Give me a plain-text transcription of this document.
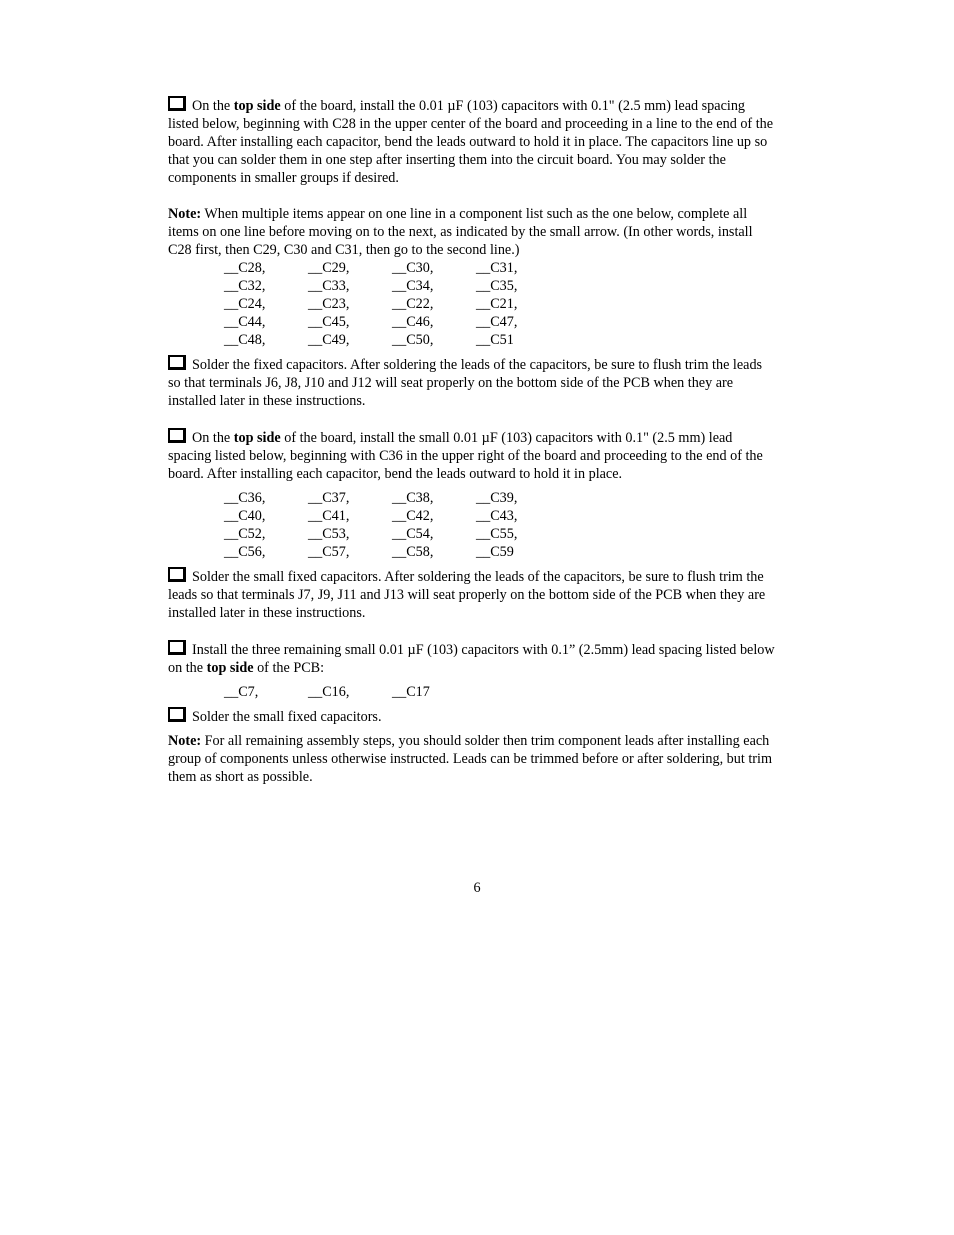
On the top side of the board, install the 0.01 µF (103) capacitors with 0.1" (2.5 mm) lead spacing listed below, beginning with C28 in the upper center of the board and proceeding in a line to the end of the board. After installing each capacitor, bend the leads outward to hold it in place. The capacitors line up so that you can solder them in one step after inserting them into the circuit board. You may solder the components in smaller groups if desired.

Note: When multiple items appear on one line in a component list such as the one below, complete all items on one line before moving on to the next, as indicated by the small arrow. (In other words, install C28 first, then C29, C30 and C31, then go to the second line.)

__C28,	__C29,	__C30,	__C31,
__C32,	__C33,	__C34,	__C35,
__C24,	__C23,	__C22,	__C21,
__C44,	__C45,	__C46,	__C47,
__C48,	__C49,	__C50,	__C51

Solder the fixed capacitors. After soldering the leads of the capacitors, be sure to flush trim the leads so that terminals J6, J8, J10 and J12 will seat properly on the bottom side of the PCB when they are installed later in these instructions.

On the top side of the board, install the small 0.01 µF (103) capacitors with 0.1" (2.5 mm) lead spacing listed below, beginning with C36 in the upper right of the board and proceeding to the end of the board. After installing each capacitor, bend the leads outward to hold it in place.

__C36,	__C37,	__C38,	__C39,
__C40,	__C41,	__C42,	__C43,
__C52,	__C53,	__C54,	__C55,
__C56,	__C57,	__C58,	__C59

Solder the small fixed capacitors. After soldering the leads of the capacitors, be sure to flush trim the leads so that terminals J7, J9, J11 and J13 will seat properly on the bottom side of the PCB when they are installed later in these instructions.

Install the three remaining small 0.01 µF (103) capacitors with 0.1” (2.5mm) lead spacing listed below on the top side of the PCB:

__C7,	__C16,	__C17

Solder the small fixed capacitors.

Note: For all remaining assembly steps, you should solder then trim component leads after installing each group of components unless otherwise instructed. Leads can be trimmed before or after soldering, but trim them as short as possible.

6
